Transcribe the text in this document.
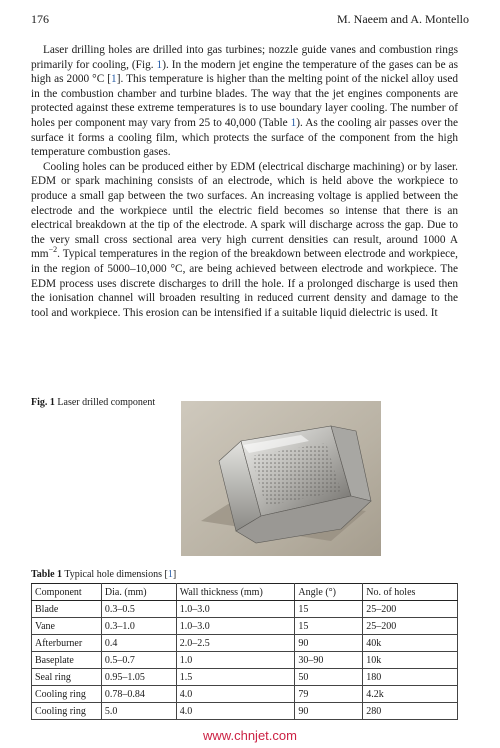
176	M. Naeem and A. Montello

Laser drilling holes are drilled into gas turbines; nozzle guide vanes and combustion rings primarily for cooling, (Fig. 1). In the modern jet engine the temperature of the gases can be as high as 2000 °C [1]. This temperature is higher than the melting point of the nickel alloy used in the combustion chamber and turbine blades. The way that the jet engines components are protected against these extreme temperatures is to use boundary layer cooling. The number of holes per component may vary from 25 to 40,000 (Table 1). As the cooling air passes over the surface it forms a cooling film, which protects the surface of the component from the high temperature combustion gases.

Cooling holes can be produced either by EDM (electrical discharge machining) or by laser. EDM or spark machining consists of an electrode, which is held above the workpiece to produce a small gap between the two surfaces. An increasing voltage is applied between the electrode and the workpiece until the electric field becomes so intense that there is an electrical breakdown at the tip of the electrode. A spark will discharge across the gap. Due to the very small cross sectional area very high current densities can result, around 1000 A $mm^{-2}$. Typical temperatures in the region of the breakdown between electrode and workpiece, in the region of 5000–10,000 °C, are being achieved between electrode and workpiece. The EDM process uses discrete discharges to drill the hole. If a prolonged discharge is used then the ionisation channel will broaden resulting in reduced current density and damage to the tool and workpiece. This erosion can be intensified if a suitable liquid dielectric is used. It

Fig. 1 Laser drilled component
Table 1 Typical hole dimensions [1]
Component	Dia. (mm)	Wall thickness (mm)	Angle (°)	No. of holes
Blade	0.3–0.5	1.0–3.0	15	25–200
Vane	0.3–1.0	1.0–3.0	15	25–200
Afterburner	0.4	2.0–2.5	90	40k
Baseplate	0.5–0.7	1.0	30–90	10k
Seal ring	0.95–1.05	1.5	50	180
Cooling ring	0.78–0.84	4.0	79	4.2k
Cooling ring	5.0	4.0	90	280
www.chnjet.com
